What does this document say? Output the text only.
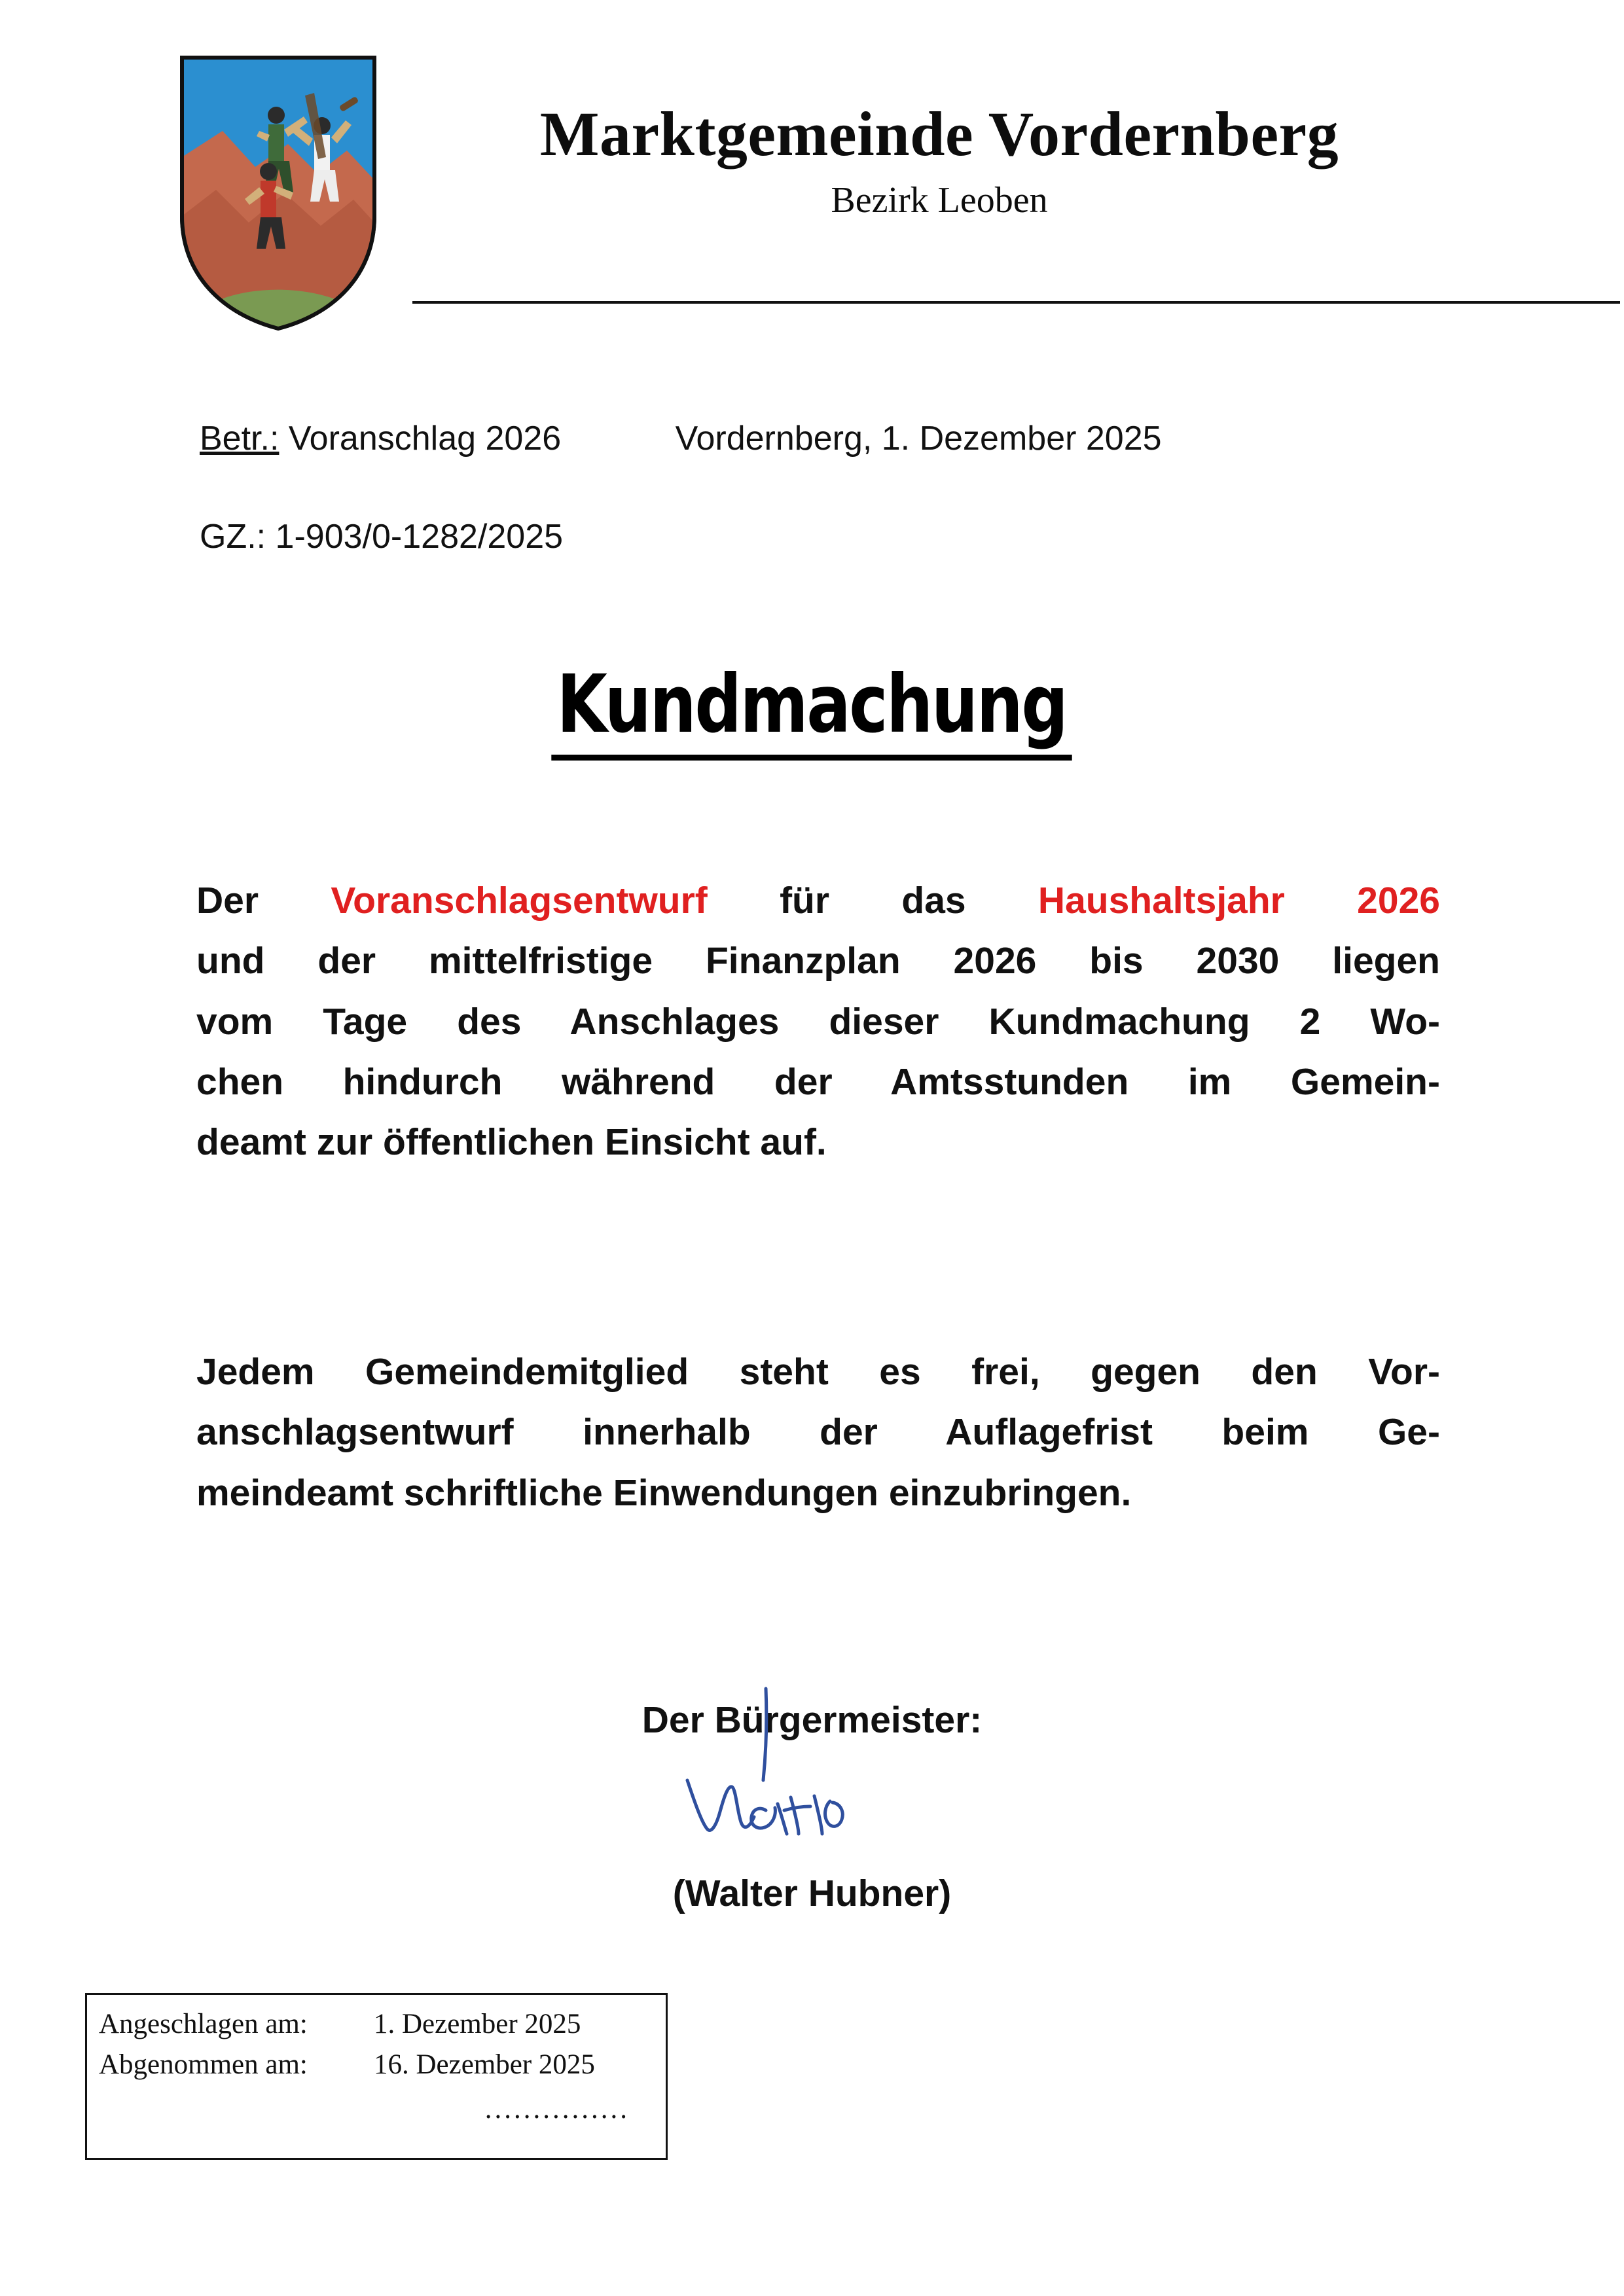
Marktgemeinde Vordernberg
Bezirk Leoben
Betr.: Voranschlag 2026	Vordernberg, 1. Dezember 2025
GZ.: 1-903/0-1282/2025
Kundmachung

Der Voranschlagsentwurf für das Haushaltsjahr 2026
und der mittelfristige Finanzplan 2026 bis 2030 liegen
vom Tage des Anschlages dieser Kundmachung 2 Wo-
chen hindurch während der Amtsstunden im Gemein-
deamt zur öffentlichen Einsicht auf.

Jedem Gemeindemitglied steht es frei, gegen den Vor-
anschlagsentwurf innerhalb der Auflagefrist beim Ge-
meindeamt schriftliche Einwendungen einzubringen.

Der Bürgermeister:
(Walter Hubner)
Angeschlagen am: 1. Dezember 2025
Abgenommen am: 16. Dezember 2025
...............
